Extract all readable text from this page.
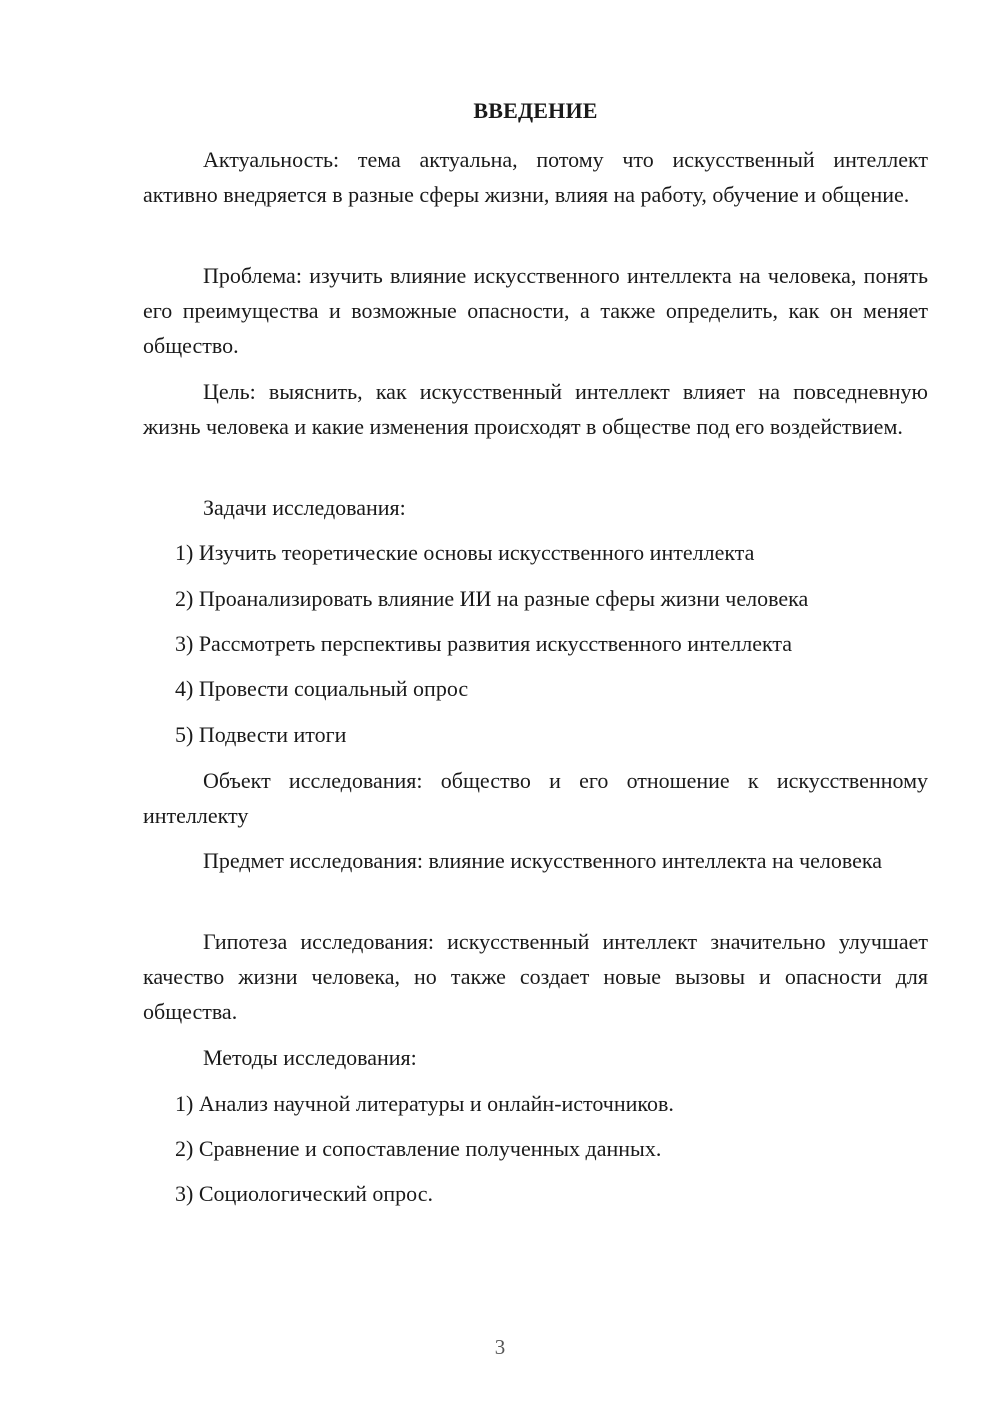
ВВЕДЕНИЕ
Актуальность: тема актуальна, потому что искусственный интеллект активно внедряется в разные сферы жизни, влияя на работу, обучение и общение.
Проблема: изучить влияние искусственного интеллекта на человека, понять его преимущества и возможные опасности, а также определить, как он меняет общество.
Цель: выяснить, как искусственный интеллект влияет на повседневную жизнь человека и какие изменения происходят в обществе под его воздействием.
Задачи исследования:
1) Изучить теоретические основы искусственного интеллекта
2) Проанализировать влияние ИИ на разные сферы жизни человека
3) Рассмотреть перспективы развития искусственного интеллекта
4) Провести социальный опрос
5) Подвести итоги
Объект исследования: общество и его отношение к искусственному интеллекту
Предмет исследования: влияние искусственного интеллекта на человека
Гипотеза исследования: искусственный интеллект значительно улучшает качество жизни человека, но также создает новые вызовы и опасности для общества.
Методы исследования:
1) Анализ научной литературы и онлайн-источников.
2) Сравнение и сопоставление полученных данных.
3) Социологический опрос.
3
